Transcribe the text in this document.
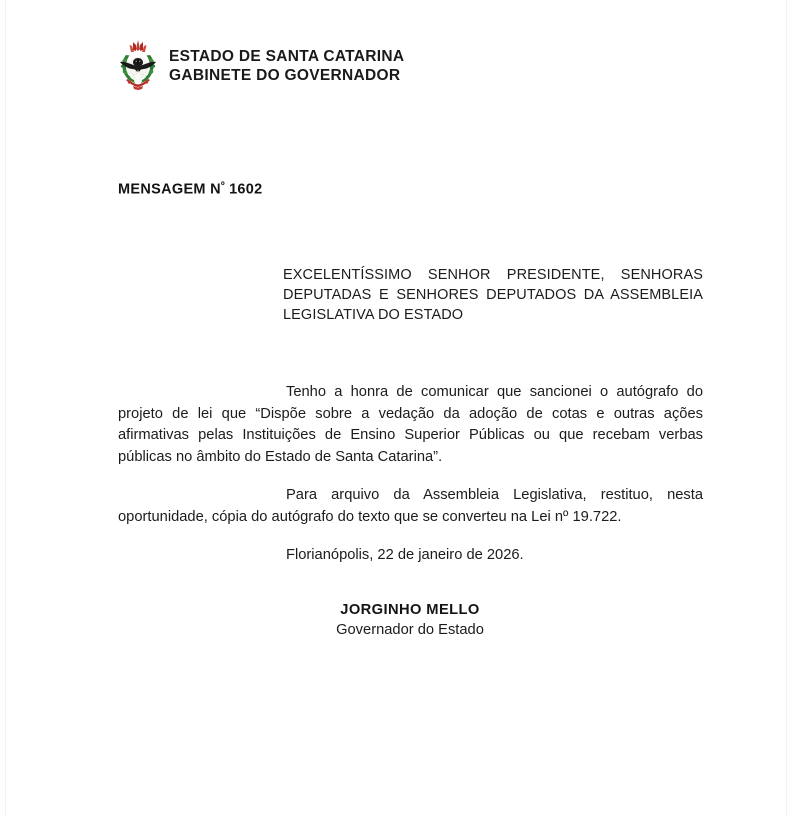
ESTADO DE SANTA CATARINA
GABINETE DO GOVERNADOR
MENSAGEM $N^º$ 1602
EXCELENTÍSSIMO SENHOR PRESIDENTE, SENHORAS DEPUTADAS E SENHORES DEPUTADOS DA ASSEMBLEIA LEGISLATIVA DO ESTADO

Tenho a honra de comunicar que sancionei o autógrafo do projeto de lei que “Dispõe sobre a vedação da adoção de cotas e outras ações afirmativas pelas Instituições de Ensino Superior Públicas ou que recebam verbas públicas no âmbito do Estado de Santa Catarina”.

Para arquivo da Assembleia Legislativa, restituo, nesta oportunidade, cópia do autógrafo do texto que se converteu na Lei nº 19.722.

Florianópolis, 22 de janeiro de 2026.

JORGINHO MELLO
Governador do Estado
